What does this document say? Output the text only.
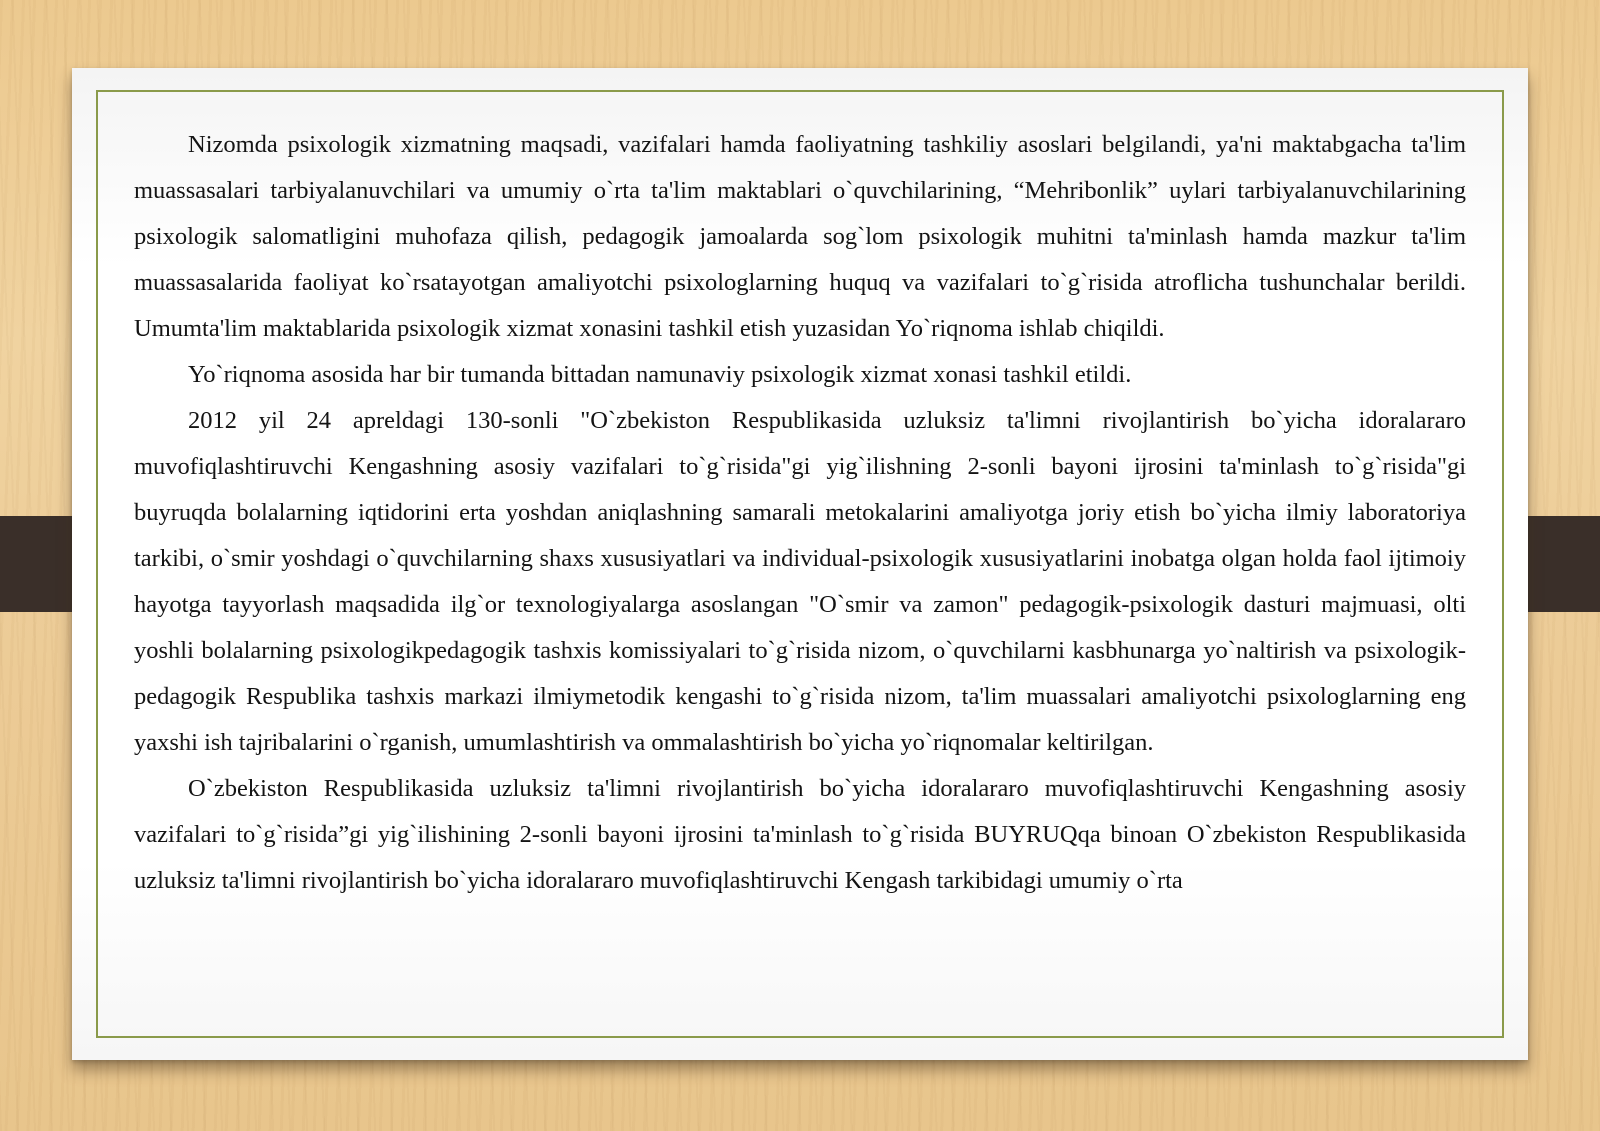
Nizomda psixologik xizmatning maqsadi, vazifalari hamda faoliyatning tashkiliy asoslari belgilandi, ya'ni maktabgacha ta'lim muassasalari tarbiyalanuvchilari va umumiy o`rta ta'lim maktablari o`quvchilarining, “Mehribonlik” uylari tarbiyalanuvchilarining psixologik salomatligini muhofaza qilish, pedagogik jamoalarda sog`lom psixologik muhitni ta'minlash hamda mazkur ta'lim muassasalarida faoliyat ko`rsatayotgan amaliyotchi psixologlarning huquq va vazifalari to`g`risida atroflicha tushunchalar berildi. Umumta'lim maktablarida psixologik xizmat xonasini tashkil etish yuzasidan Yo`riqnoma ishlab chiqildi.

Yo`riqnoma asosida har bir tumanda bittadan namunaviy psixologik xizmat xonasi tashkil etildi.

2012 yil 24 apreldagi 130-sonli "O`zbekiston Respublikasida uzluksiz ta'limni rivojlantirish bo`yicha idoralararo muvofiqlashtiruvchi Kengashning asosiy vazifalari to`g`risida"gi yig`ilishning 2-sonli bayoni ijrosini ta'minlash to`g`risida"gi buyruqda bolalarning iqtidorini erta yoshdan aniqlashning samarali metokalarini amaliyotga joriy etish bo`yicha ilmiy laboratoriya tarkibi, o`smir yoshdagi o`quvchilarning shaxs xususiyatlari va individual-psixologik xususiyatlarini inobatga olgan holda faol ijtimoiy hayotga tayyorlash maqsadida ilg`or texnologiyalarga asoslangan "O`smir va zamon" pedagogik-psixologik dasturi majmuasi, olti yoshli bolalarning psixologikpedagogik tashxis komissiyalari to`g`risida nizom, o`quvchilarni kasbhunarga yo`naltirish va psixologik-pedagogik Respublika tashxis markazi ilmiymetodik kengashi to`g`risida nizom, ta'lim muassalari amaliyotchi psixologlarning eng yaxshi ish tajribalarini o`rganish, umumlashtirish va ommalashtirish bo`yicha yo`riqnomalar keltirilgan.

O`zbekiston Respublikasida uzluksiz ta'limni rivojlantirish bo`yicha idoralararo muvofiqlashtiruvchi Kengashning asosiy vazifalari to`g`risida”gi yig`ilishining 2-sonli bayoni ijrosini ta'minlash to`g`risida BUYRUQqa binoan O`zbekiston Respublikasida uzluksiz ta'limni rivojlantirish bo`yicha idoralararo muvofiqlashtiruvchi Kengash tarkibidagi umumiy o`rta
